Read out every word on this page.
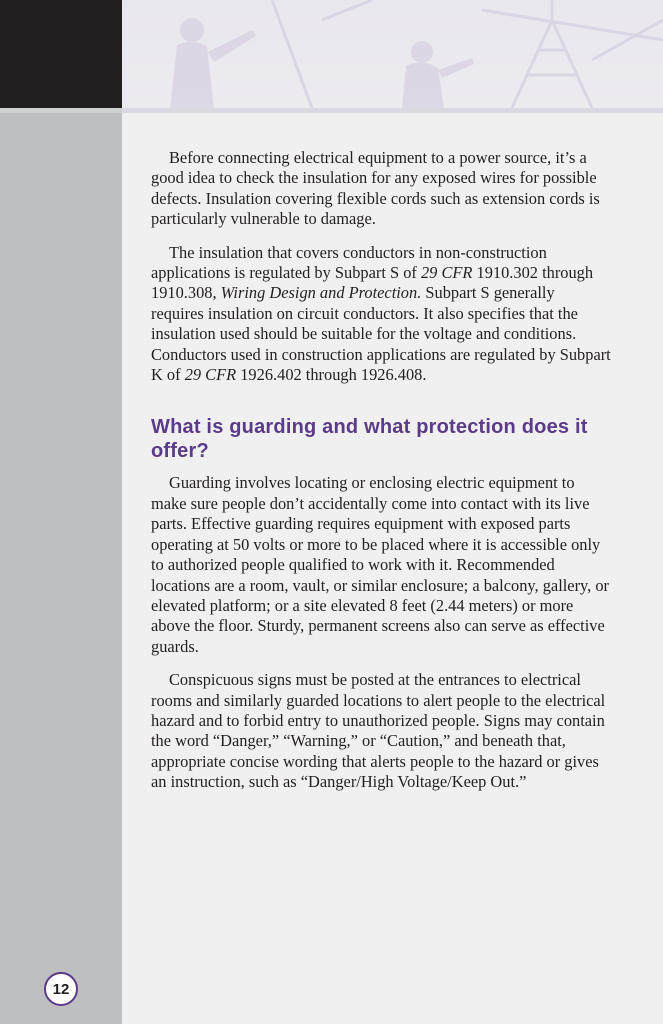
Before connecting electrical equipment to a power source, it’s a good idea to check the insulation for any exposed wires for possible defects. Insulation covering flexible cords such as extension cords is particularly vulnerable to damage.

The insulation that covers conductors in non-construction applications is regulated by Subpart S of 29 CFR 1910.302 through 1910.308, Wiring Design and Protection. Subpart S generally requires insulation on circuit conductors. It also specifies that the insulation used should be suitable for the voltage and conditions. Conductors used in construction applications are regulated by Subpart K of 29 CFR 1926.402 through 1926.408.

What is guarding and what protection does it offer?

Guarding involves locating or enclosing electric equipment to make sure people don’t accidentally come into contact with its live parts. Effective guarding requires equipment with exposed parts operating at 50 volts or more to be placed where it is accessible only to authorized people qualified to work with it. Recommended locations are a room, vault, or similar enclosure; a balcony, gallery, or elevated platform; or a site elevated 8 feet (2.44 meters) or more above the floor. Sturdy, permanent screens also can serve as effective guards.

Conspicuous signs must be posted at the entrances to electrical rooms and similarly guarded locations to alert people to the electrical hazard and to forbid entry to unauthorized people. Signs may contain the word “Danger,” “Warning,” or “Caution,” and beneath that, appropriate concise wording that alerts people to the hazard or gives an instruction, such as “Danger/High Voltage/Keep Out.”

12
